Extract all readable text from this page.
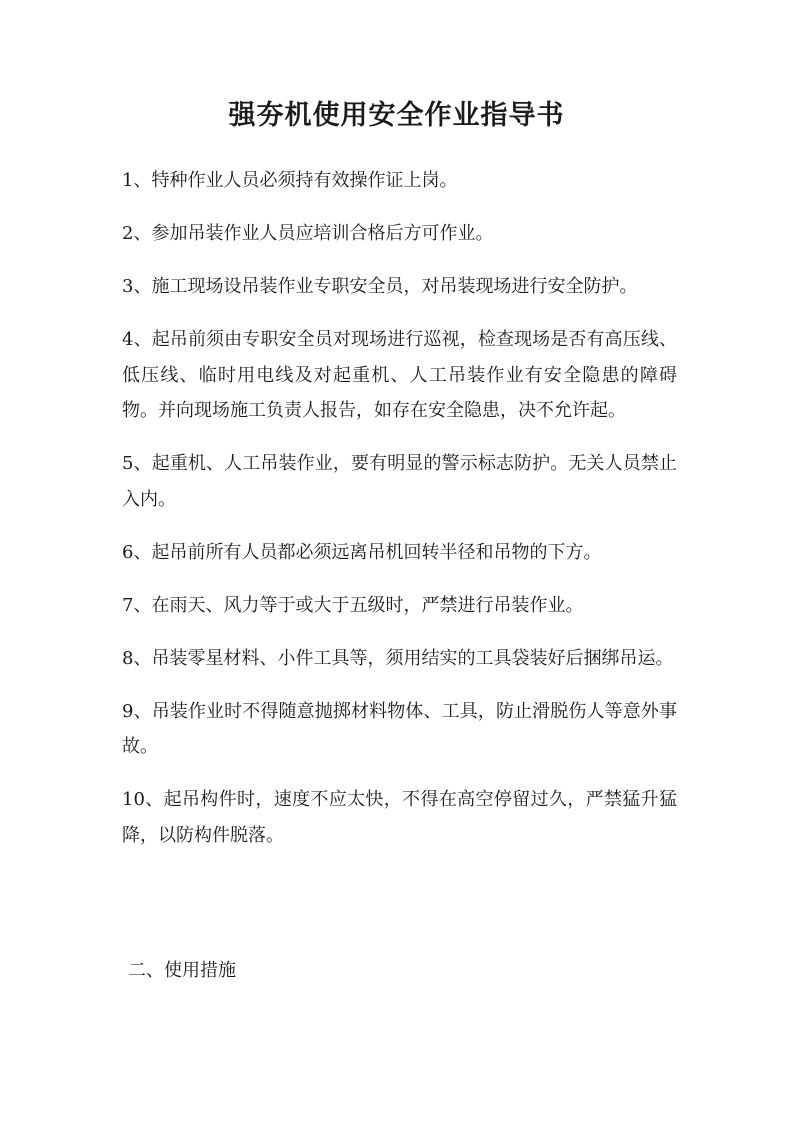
强夯机使用安全作业指导书

1、特种作业人员必须持有效操作证上岗。

2、参加吊装作业人员应培训合格后方可作业。

3、施工现场设吊装作业专职安全员，对吊装现场进行安全防护。

4、起吊前须由专职安全员对现场进行巡视，检查现场是否有高压线、低压线、临时用电线及对起重机、人工吊装作业有安全隐患的障碍物。并向现场施工负责人报告，如存在安全隐患，决不允许起。

5、起重机、人工吊装作业，要有明显的警示标志防护。无关人员禁止入内。

6、起吊前所有人员都必须远离吊机回转半径和吊物的下方。

7、在雨天、风力等于或大于五级时，严禁进行吊装作业。

8、吊装零星材料、小件工具等，须用结实的工具袋装好后捆绑吊运。

9、吊装作业时不得随意抛掷材料物体、工具，防止滑脱伤人等意外事故。

10、起吊构件时，速度不应太快，不得在高空停留过久，严禁猛升猛降，以防构件脱落。

二、使用措施
